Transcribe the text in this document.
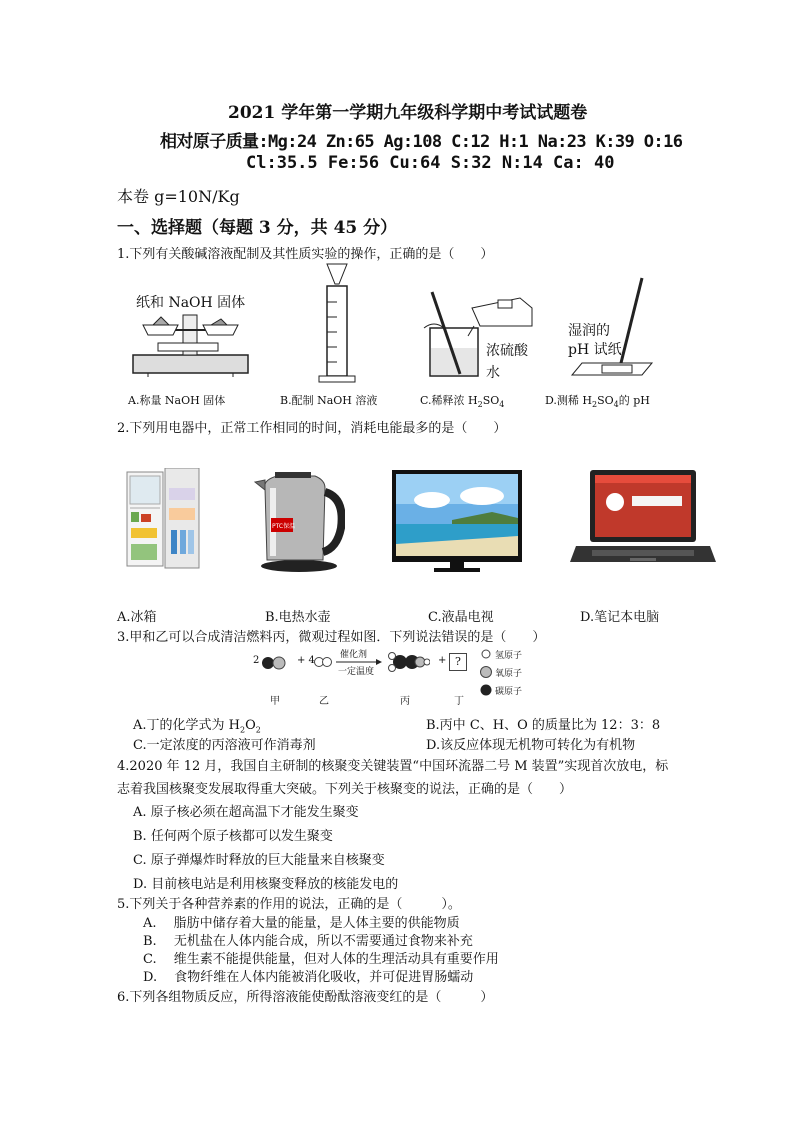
2021 学年第一学期九年级科学期中考试试题卷
相对原子质量:Mg:24 Zn:65 Ag:108 C:12 H:1 Na:23 K:39 O:16
Cl:35.5 Fe:56 Cu:64 S:32 N:14 Ca: 40
本卷 g=10N/Kg
一、选择题（每题 3 分，共 45 分）
1.下列有关酸碱溶液配制及其性质实验的操作，正确的是（　　）
纸和 NaOH 固体
浓硫酸
水
湿润的
pH 试纸
A.称量 NaOH 固体	B.配制 NaOH 溶液	C.稀释浓 $H_2SO_4$	D.测稀 $H_2SO_4$的 pH
2.下列用电器中，正常工作相同的时间，消耗电能最多的是（　　）
PTC保温
A.冰箱	B.电热水壶	C.液晶电视	D.笔记本电脑
3.甲和乙可以合成清洁燃料丙，微观过程如图．下列说法错误的是（　　）
2	+ 4	催化剂
一定温度
+ ?	氢原子
氧原子
碳原子
甲	乙	丙	丁
A.丁的化学式为 $H_2O_2$	B.丙中 C、H、O 的质量比为 12：3：8
C.一定浓度的丙溶液可作消毒剂	D.该反应体现无机物可转化为有机物
4.2020 年 12 月，我国自主研制的核聚变关键装置“中国环流器二号 M 装置”实现首次放电，标
志着我国核聚变发展取得重大突破。下列关于核聚变的说法，正确的是（　　）
A. 原子核必须在超高温下才能发生聚变
B. 任何两个原子核都可以发生聚变
C. 原子弹爆炸时释放的巨大能量来自核聚变
D. 目前核电站是利用核聚变释放的核能发电的
5.下列关于各种营养素的作用的说法，正确的是（　　　）。
A.　 脂肪中储存着大量的能量，是人体主要的供能物质
B.　 无机盐在人体内能合成，所以不需要通过食物来补充
C.　 维生素不能提供能量，但对人体的生理活动具有重要作用
D.　 食物纤维在人体内能被消化吸收，并可促进胃肠蠕动
6.下列各组物质反应，所得溶液能使酚酞溶液变红的是（　　　）
